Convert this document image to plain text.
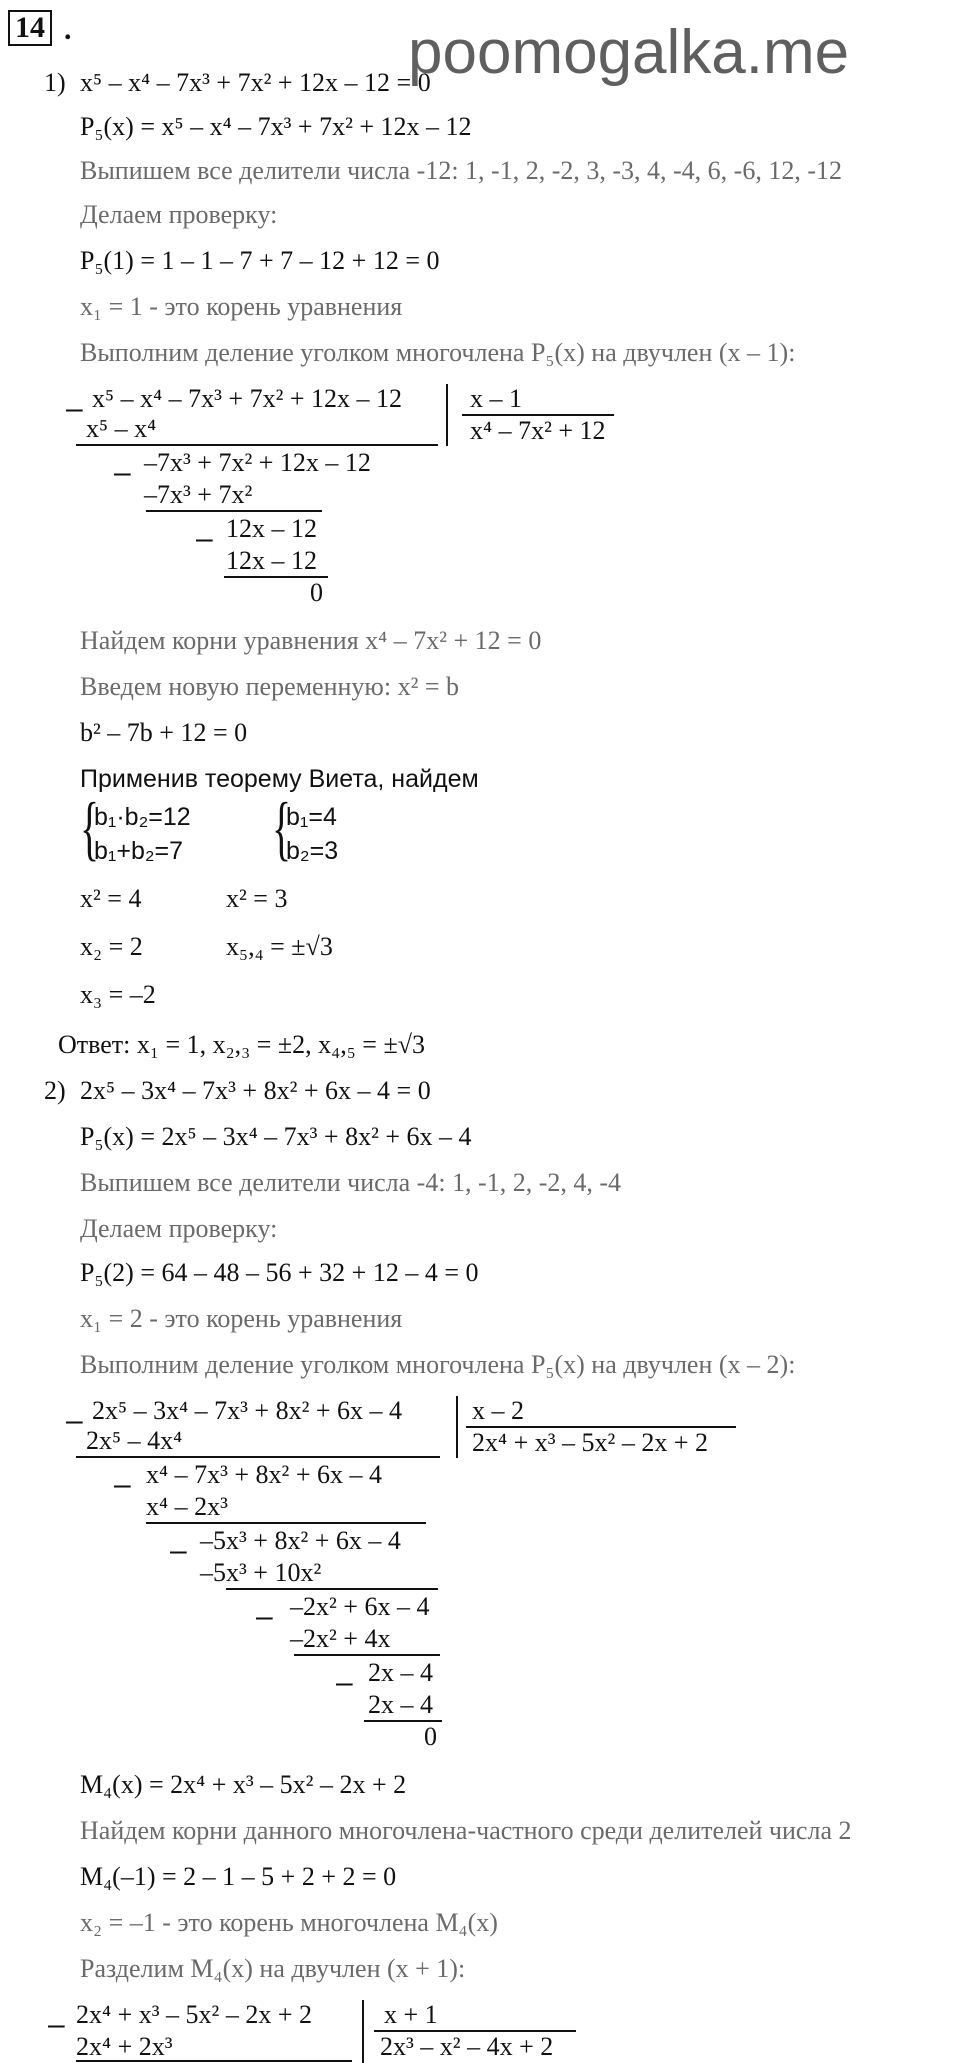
14 .	poomogalka.me
1) x⁵ – x⁴ – 7x³ + 7x² + 12x – 12 = 0
P₅(x) = x⁵ – x⁴ – 7x³ + 7x² + 12x – 12
Выпишем все делители числа -12: 1, -1, 2, -2, 3, -3, 4, -4, 6, -6, 12, -12
Делаем проверку:
P₅(1) = 1 – 1 – 7 + 7 – 12 + 12 = 0
x₁ = 1 - это корень уравнения
Выполним деление уголком многочлена P₅(x) на двучлен (x – 1):
– x⁵ – x⁴ – 7x³ + 7x² + 12x – 12	x – 1
x⁴ – 7x² + 12
x⁵ – x⁴
– –7x³ + 7x² + 12x – 12
–7x³ + 7x²
– 12x – 12
12x – 12
0
Найдем корни уравнения x⁴ – 7x² + 12 = 0
Введем новую переменную: x² = b
b² – 7b + 12 = 0
Применив теорему Виета, найдем
{
b₁·b₂=12
b₁+b₂=7 {
b₁=4
b₂=3
x² = 4	x² = 3
x₂ = 2	x₅,₄ = ±√3
x₃ = –2
Ответ: x₁ = 1, x₂,₃ = ±2, x₄,₅ = ±√3
2) 2x⁵ – 3x⁴ – 7x³ + 8x² + 6x – 4 = 0
P₅(x) = 2x⁵ – 3x⁴ – 7x³ + 8x² + 6x – 4
Выпишем все делители числа -4: 1, -1, 2, -2, 4, -4
Делаем проверку:
P₅(2) = 64 – 48 – 56 + 32 + 12 – 4 = 0
x₁ = 2 - это корень уравнения
Выполним деление уголком многочлена P₅(x) на двучлен (x – 2):
– 2x⁵ – 3x⁴ – 7x³ + 8x² + 6x – 4	x – 2
2x⁴ + x³ – 5x² – 2x + 2
2x⁵ – 4x⁴
– x⁴ – 7x³ + 8x² + 6x – 4
x⁴ – 2x³
– –5x³ + 8x² + 6x – 4
–5x³ + 10x²
– –2x² + 6x – 4
–2x² + 4x
– 2x – 4
2x – 4
0
M₄(x) = 2x⁴ + x³ – 5x² – 2x + 2
Найдем корни данного многочлена-частного среди делителей числа 2
M₄(–1) = 2 – 1 – 5 + 2 + 2 = 0
x₂ = –1 - это корень многочлена M₄(x)
Разделим M₄(x) на двучлен (x + 1):
– 2x⁴ + x³ – 5x² – 2x + 2	x + 1
2x³ – x² – 4x + 2
2x⁴ + 2x³
